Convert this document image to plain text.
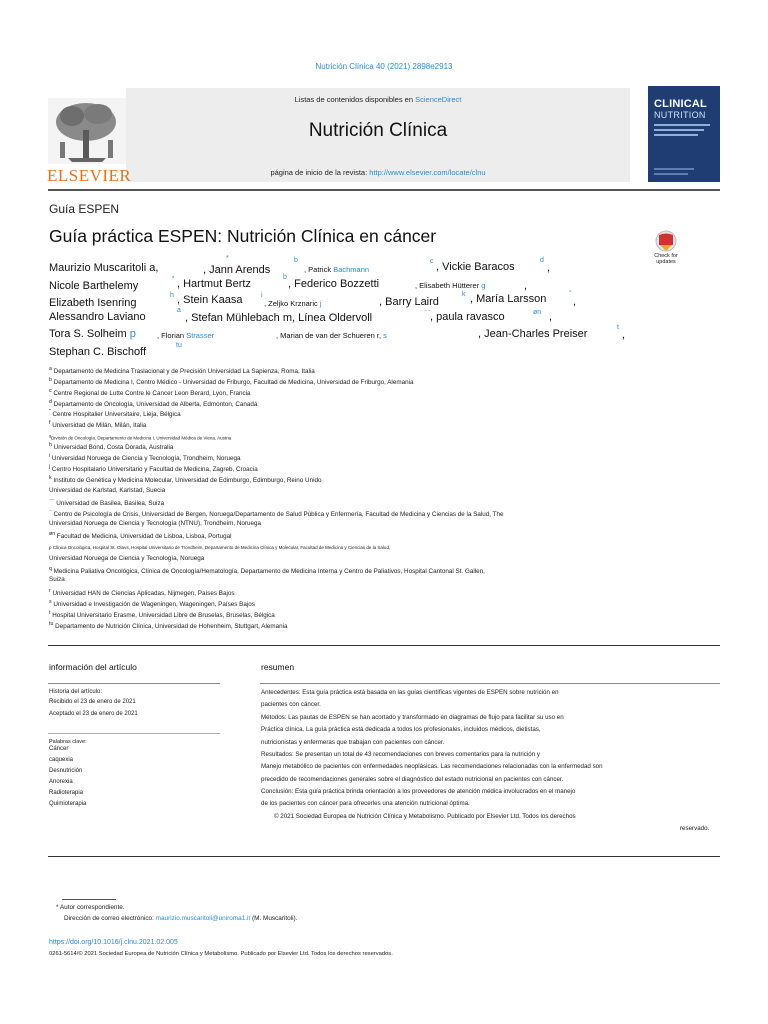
Nutrición Clínica 40 (2021) 2898e2913
ELSEVIER
Listas de contenidos disponibles en ScienceDirect
Nutrición Clínica
página de inicio de la revista: http://www.elsevier.com/locate/clnu
CLINICAL
NUTRITION
Guía ESPEN
Guía práctica ESPEN: Nutrición Clínica en cáncer
Check for updates
Maurizio Muscaritoli a,
*
, Jann Arends
b
, Patrick Bachmann
c , Vickie Baracos
d
,
⸗
Nicole Barthelemy	, Hartmut Bertz
b
, Federico Bozzetti	, Elisabeth Hütterer g	,
Elizabeth Isenring
h , Stein Kaasa	i
, Zeljko Krznaric j	, Barry Laird
k , María Larsson	˜
,
Alessandro Laviano
a
, Stefan Mühlebach m, Línea Oldervoll	⁻⁻
, paula ravasco	øn ,
Tora S. Solheim p	, Florian Strasser	, Marian de van der Schueren r, s	, Jean-Charles Preiser
t
,
Stephan C. Bischoff
tu
$^a$ Departamento de Medicina Traslacional y de Precisión Universidad La Sapienza, Roma, Italia
$^b$ Departamento de Medicina I, Centro Médico - Universidad de Friburgo, Facultad de Medicina, Universidad de Friburgo, Alemania
$^c$ Centre Regional de Lutte Contre le Cancer Leon Berard, Lyon, Francia
$^d$ Departamento de Oncología, Universidad de Alberta, Edmonton, Canadá
˜ Centre Hospitalier Universitaire, Lieja, Bélgica
$^f$ Universidad de Milán, Milán, Italia
$^g$División de Oncología, Departamento de Medicina I, Universidad Médica de Viena, Austria
$^h$ Universidad Bond, Costa Dorada, Australia
$^i$ Universidad Noruega de Ciencia y Tecnología, Trondheim, Noruega
$^j$ Centro Hospitalario Universitario y Facultad de Medicina, Zagreb, Croacia
$^k$ Instituto de Genética y Medicina Molecular, Universidad de Edimburgo, Edimburgo, Reino Unido
Universidad de Karlstad, Karlstad, Suecia
⁻⁻ Universidad de Basilea, Basilea, Suiza
⁻ Centro de Psicología de Crisis, Universidad de Bergen, Noruega/Departamento de Salud Pública y Enfermería, Facultad de Medicina y Ciencias de la Salud, The
Universidad Noruega de Ciencia y Tecnología (NTNU), Trondheim, Noruega
$^{øn}$ Facultad de Medicina, Universidad de Lisboa, Lisboa, Portugal
p Clínica Oncológica, Hospital St. Olavs, Hospital Universitario de Trondheim, Departamento de Medicina Clínica y Molecular, Facultad de Medicina y Ciencias de la Salud,
Universidad Noruega de Ciencia y Tecnología, Noruega
$^q$ Medicina Paliativa Oncológica, Clínica de Oncología/Hematología, Departamento de Medicina Interna y Centro de Paliativos, Hospital Cantonal St. Gallen,
Suiza
$^r$ Universidad HAN de Ciencias Aplicadas, Nijmegen, Países Bajos
$^s$ Universidad e Investigación de Wageningen, Wageningen, Países Bajos
$^t$ Hospital Universitario Erasme, Universidad Libre de Bruselas, Bruselas, Bélgica
$^{tu}$ Departamento de Nutrición Clínica, Universidad de Hohenheim, Stuttgart, Alemania
información del artículo
Historia del artículo:
Recibido el 23 de enero de 2021
Aceptado el 23 de enero de 2021
Palabras clave:
Cáncer
caquexia
Desnutrición
Anorexia
Radioterapia
Quimioterapia
resumen
Antecedentes: Esta guía práctica está basada en las guías científicas vigentes de ESPEN sobre nutrición en
pacientes con cáncer.
Métodos: Las pautas de ESPEN se han acortado y transformado en diagramas de flujo para facilitar su uso en
Práctica clínica. La guía práctica está dedicada a todos los profesionales, incluidos médicos, dietistas,
nutricionistas y enfermeras que trabajan con pacientes con cáncer.
Resultados: Se presentan un total de 43 recomendaciones con breves comentarios para la nutrición y
Manejo metabólico de pacientes con enfermedades neoplásicas. Las recomendaciones relacionadas con la enfermedad son
precedido de recomendaciones generales sobre el diagnóstico del estado nutricional en pacientes con cáncer.
Conclusión: Esta guía práctica brinda orientación a los proveedores de atención médica involucrados en el manejo
de los pacientes con cáncer para ofrecerles una atención nutricional óptima.
© 2021 Sociedad Europea de Nutrición Clínica y Metabolismo. Publicado por Elsevier Ltd. Todos los derechos
reservado.
* Autor correspondiente.
Dirección de correo electrónico: maurizio.muscaritoli@uniroma1.it (M. Muscaritoli).
https://doi.org/10.1016/j.clnu.2021.02.005
0261-5614/© 2021 Sociedad Europea de Nutrición Clínica y Metabolismo. Publicado por Elsevier Ltd. Todos los derechos reservados.
